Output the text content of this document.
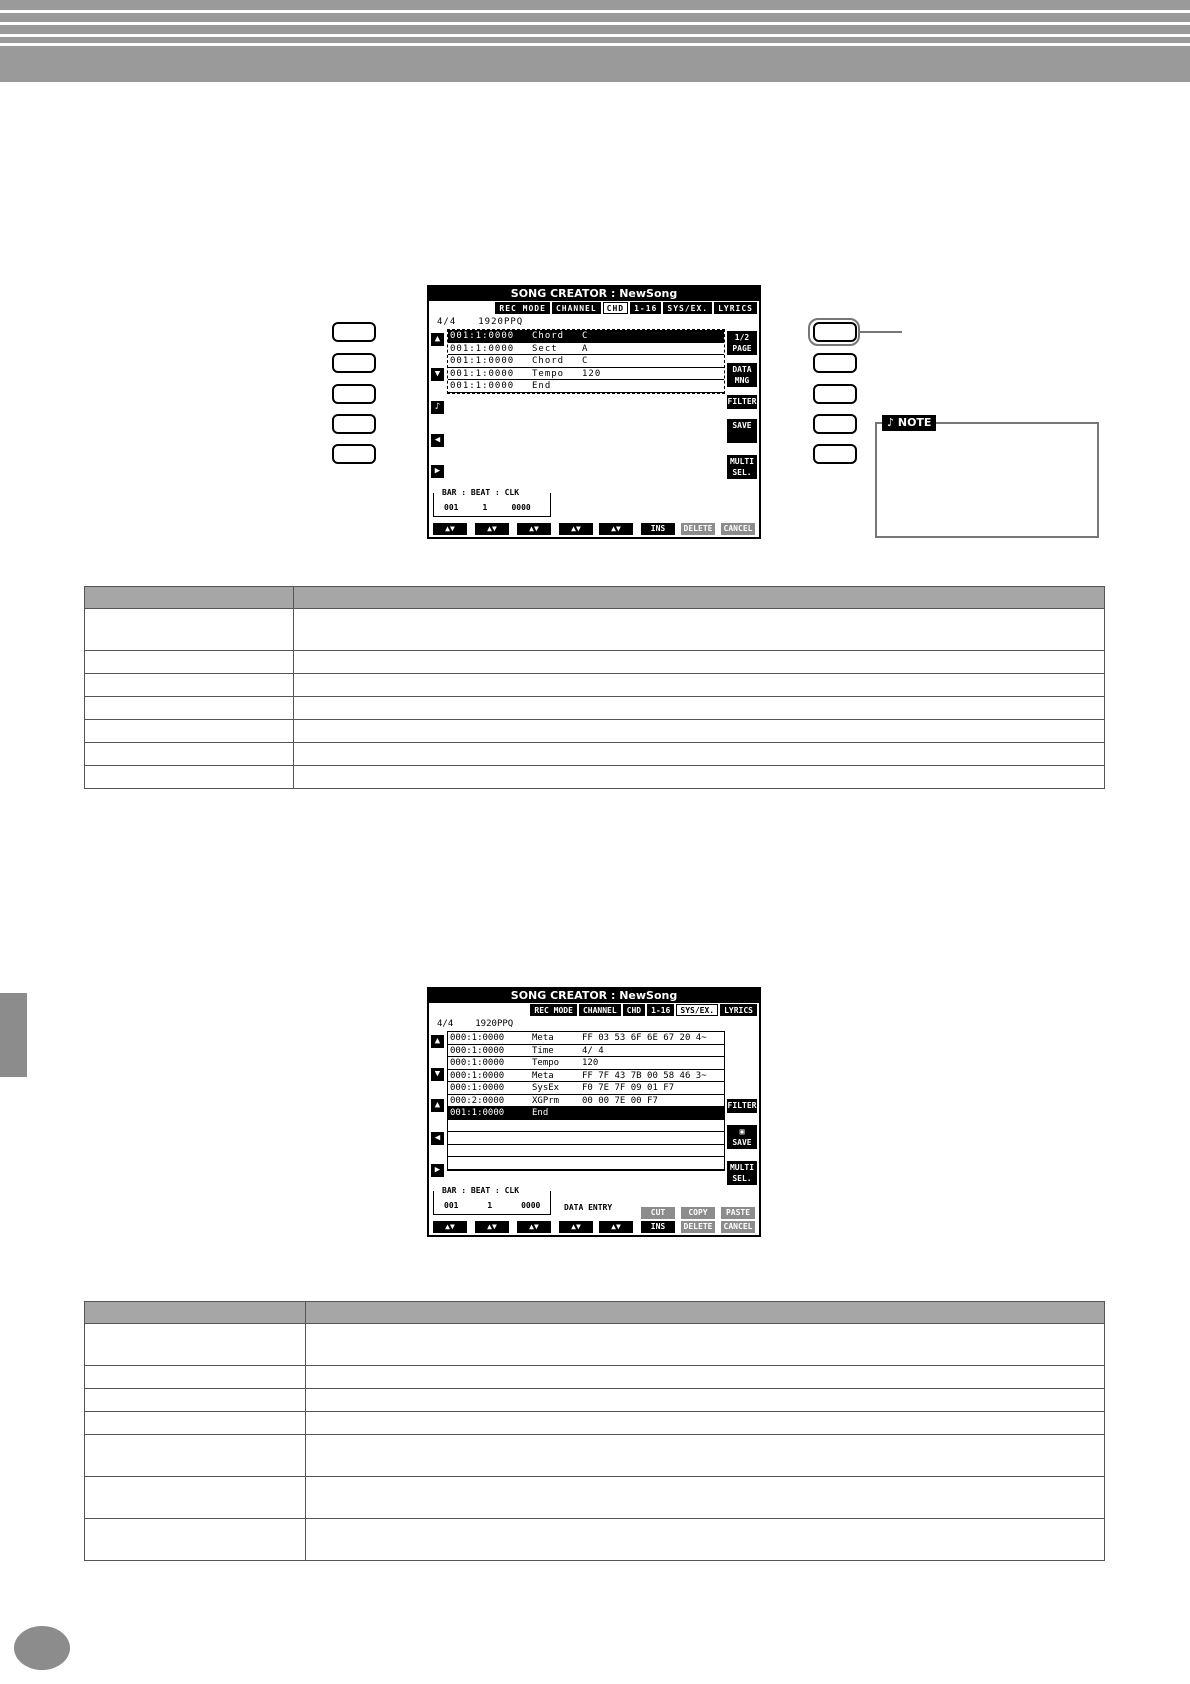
♪ NOTE
SONG CREATOR : NewSong
REC MODE	CHANNEL	CHD	1-16	SYS/EX.	LYRICS
4/4 1920PPQ
▲
▼
♪
◀
▶
001:1:0000	Chord	C
001:1:0000	Sect	A
001:1:0000	Chord	C
001:1:0000	Tempo	120
001:1:0000	End
1/2 PAGE
DATA MNG
FILTER
SAVE
MULTI SEL.
BAR : BEAT : CLK
001	1	0000
▲▼	▲▼	▲▼	▲▼	▲▼	INS	DELETE	CANCEL

SONG CREATOR : NewSong
REC MODE	CHANNEL	CHD	1-16	SYS/EX.	LYRICS
4/4 1920PPQ
▲
▼
▲
◀
▶
000:1:0000	Meta	FF 03 53 6F 6E 67 20 4~
000:1:0000	Time	4/ 4
000:1:0000	Tempo	120
000:1:0000	Meta	FF 7F 43 7B 00 58 46 3~
000:1:0000	SysEx	F0 7E 7F 09 01 F7
000:2:0000	XGPrm	00 00 7E 00 F7
001:1:0000	End
FILTER
▣
SAVE
MULTI SEL.
BAR : BEAT : CLK
001	1	0000	DATA ENTRY
CUT	COPY	PASTE
▲▼	▲▼	▲▼	▲▼	▲▼	INS	DELETE	CANCEL
